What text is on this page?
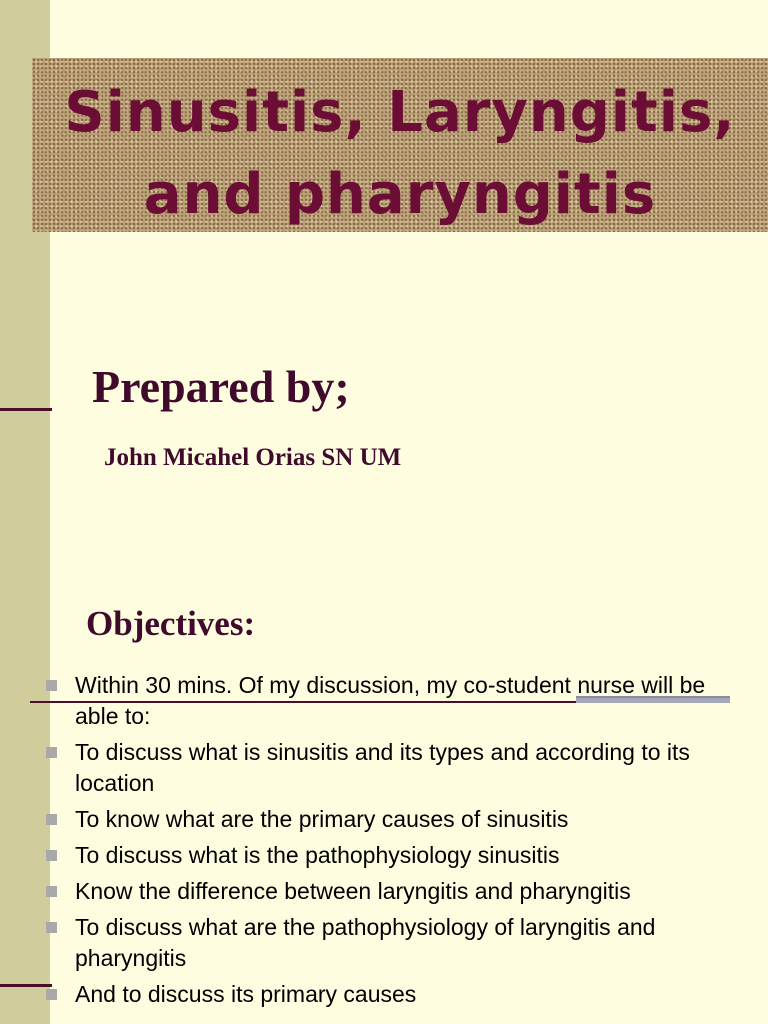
Sinusitis, Laryngitis,
and pharyngitis
Prepared by;
John Micahel Orias SN UM
Objectives:
Within 30 mins. Of my discussion, my co-student nurse will be able to:
To discuss what is sinusitis and its types and according to its location
To know what are the primary causes of sinusitis
To discuss what is the pathophysiology sinusitis
Know the difference between laryngitis and pharyngitis
To discuss what are the pathophysiology of laryngitis and pharyngitis
And to discuss its primary causes
